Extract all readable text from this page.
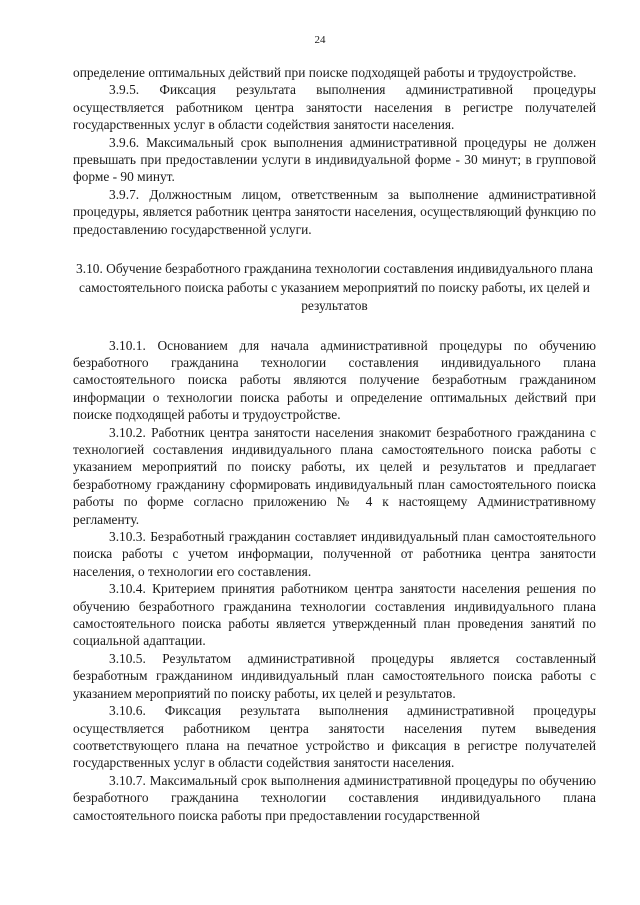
24

определение оптимальных действий при поиске подходящей работы и трудоустройстве.

3.9.5. Фиксация результата выполнения административной процедуры осуществляется работником центра занятости населения в регистре получателей государственных услуг в области содействия занятости населения.

3.9.6. Максимальный срок выполнения административной процедуры не должен превышать при предоставлении услуги в индивидуальной форме - 30 минут; в групповой форме - 90 минут.

3.9.7. Должностным лицом, ответственным за выполнение административной процедуры, является работник центра занятости населения, осуществляющий функцию по предоставлению государственной услуги.

3.10. Обучение безработного гражданина технологии составления индивидуального плана самостоятельного поиска работы с указанием мероприятий по поиску работы, их целей и результатов

3.10.1. Основанием для начала административной процедуры по обучению безработного гражданина технологии составления индивидуального плана самостоятельного поиска работы являются получение безработным гражданином информации о технологии поиска работы и определение оптимальных действий при поиске подходящей работы и трудоустройстве.

3.10.2. Работник центра занятости населения знакомит безработного гражданина с технологией составления индивидуального плана самостоятельного поиска работы с указанием мероприятий по поиску работы, их целей и результатов и предлагает безработному гражданину сформировать индивидуальный план самостоятельного поиска работы по форме согласно приложению № 4 к настоящему Административному регламенту.

3.10.3. Безработный гражданин составляет индивидуальный план самостоятельного поиска работы с учетом информации, полученной от работника центра занятости населения, о технологии его составления.

3.10.4. Критерием принятия работником центра занятости населения решения по обучению безработного гражданина технологии составления индивидуального плана самостоятельного поиска работы является утвержденный план проведения занятий по социальной адаптации.

3.10.5. Результатом административной процедуры является составленный безработным гражданином индивидуальный план самостоятельного поиска работы с указанием мероприятий по поиску работы, их целей и результатов.

3.10.6. Фиксация результата выполнения административной процедуры осуществляется работником центра занятости населения путем выведения соответствующего плана на печатное устройство и фиксация в регистре получателей государственных услуг в области содействия занятости населения.

3.10.7. Максимальный срок выполнения административной процедуры по обучению безработного гражданина технологии составления индивидуального плана самостоятельного поиска работы при предоставлении государственной
